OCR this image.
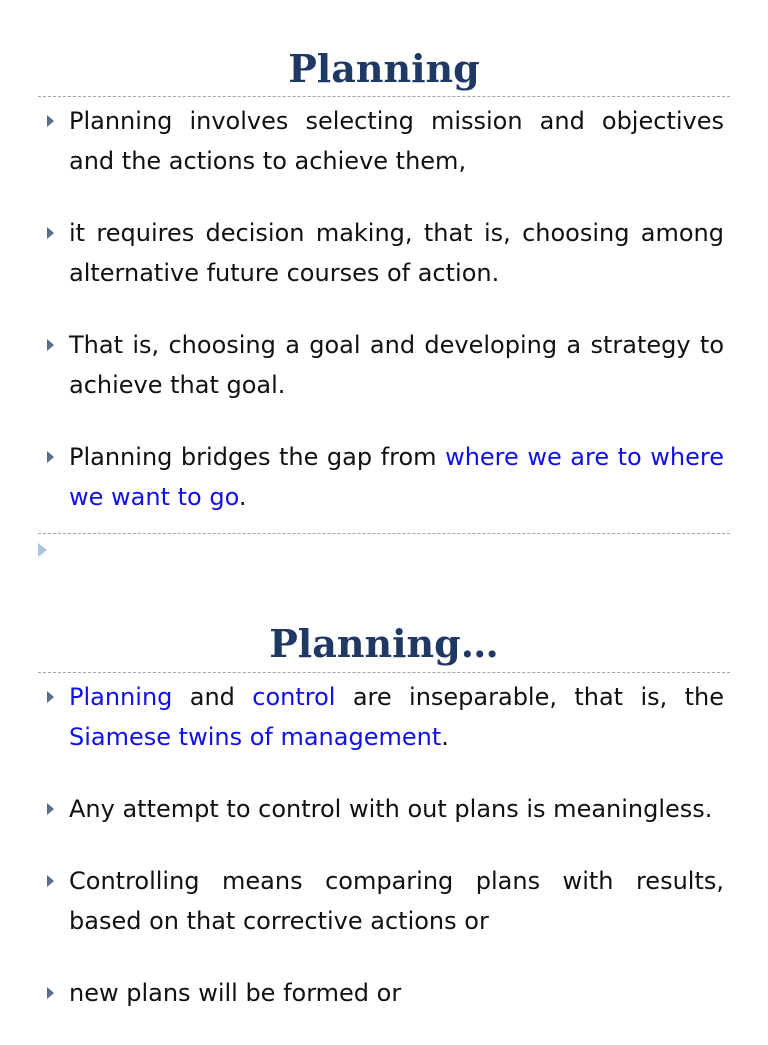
Planning
Planning involves selecting mission and objectives and the actions to achieve them,
it requires decision making, that is, choosing among alternative future courses of action.
That is, choosing a goal and developing a strategy to achieve that goal.
Planning bridges the gap from where we are to where we want to go.
Planning…
Planning and control are inseparable, that is, the Siamese twins of management.
Any attempt to control with out plans is meaningless.
Controlling means comparing plans with results, based on that corrective actions or
new plans will be formed or
